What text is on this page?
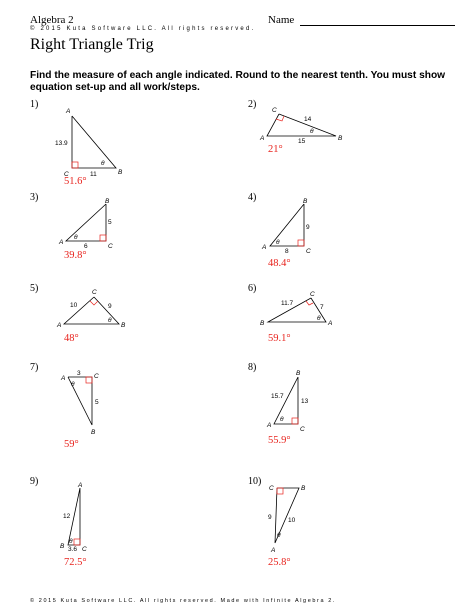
Algebra 2	Name
© 2015 Kuta Software LLC. All rights reserved.
Right Triangle Trig
Find the measure of each angle indicated. Round to the nearest tenth. You must show equation set-up and all work/steps.
1)
A
C	B
13.9
11
θ
51.6°
2)
C
A	B
14
15
θ
21°
3)	B
A
C
5
6
θ
39.8°
4)	B
A
C
9
8
θ
48.4°
5)	C
A	B
10	9
θ
48°
6)
C
B	A
11.7
7
θ
59.1°
7)
A	C
B
3
5
θ
59°
8)
B
A
C
15.7
13
θ
55.9°
9)	A
B	C
12
3.6
θ
72.5°
10)
C	B
A
9	10
θ
25.8°
© 2015 Kuta Software LLC. All rights reserved. Made with Infinite Algebra 2.
